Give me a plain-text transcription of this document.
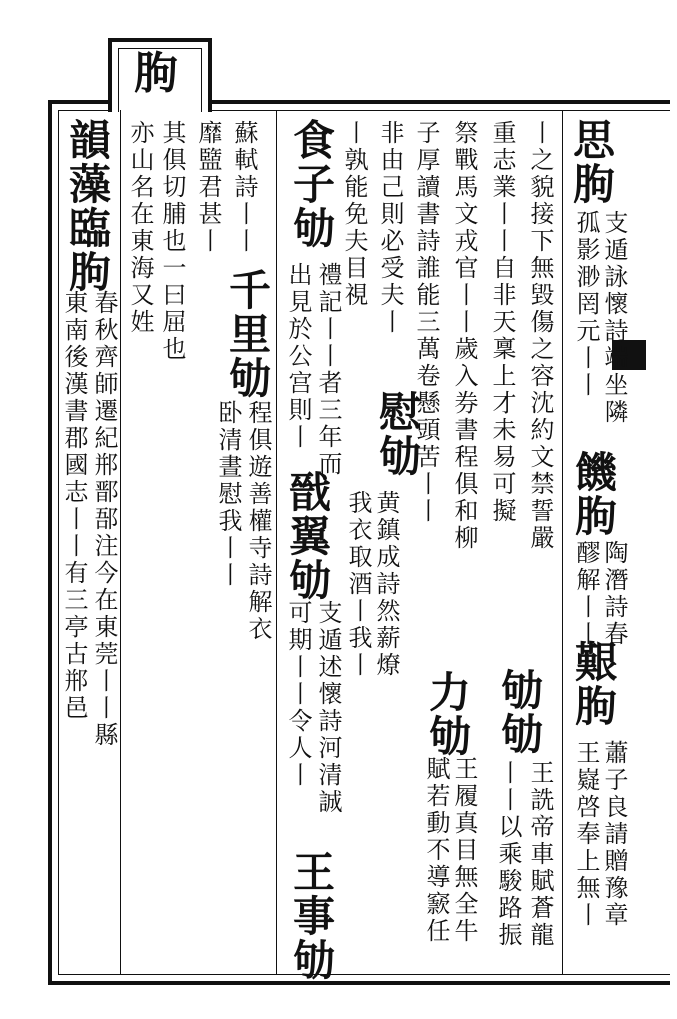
朐
思朐
支遁詠懷詩端坐隣
孤影渺罔元丨丨
饑朐
陶潛詩春
醪解丨丨
艱朐
蕭子良請贈豫章
王嶷啓奉上無丨
丨之貌接下無毀傷之容沈約文禁誓嚴
重志業丨丨自非天稟上才未易可擬
劬劬
王詵帝車賦蒼龍
丨丨以乘駿路振
祭戰馬文戎官丨丨歲入券書程俱和柳
力劬
王履真目無全牛
賦若動不導窾任
子厚讀書詩誰能三萬卷懸頭苦丨丨
非由己則必受夫丨
慰劬
黄鎮成詩然薪燎
我衣取酒丨我丨
丨孰能免夫目視
食子劬
禮記丨丨者三年而
出見於公宫則丨
戩翼劬
支遁述懷詩河清誠
可期丨丨令人丨
王事劬
蘇軾詩丨丨
千里劬
程俱遊善權寺詩解衣
卧清晝慰我丨丨
靡盬君甚丨
其俱切脯也一曰屈也
亦山名在東海又姓
韻藻臨朐
春秋齊師遷紀郱鄑郚注今在東莞丨丨縣
東南後漢書郡國志丨丨有三亭古郱邑
